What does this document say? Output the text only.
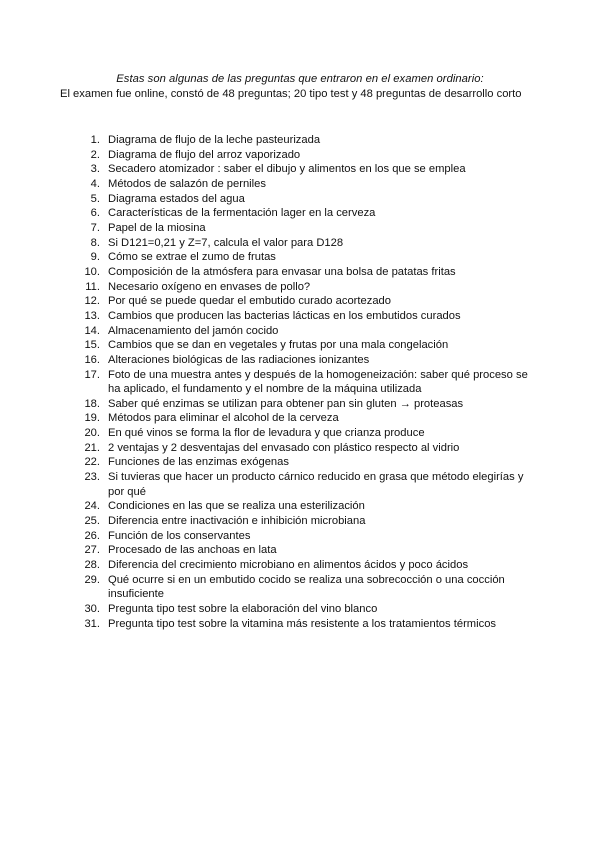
Estas son algunas de las preguntas que entraron en el examen ordinario:
El examen fue online, constó de 48 preguntas; 20 tipo test y 48 preguntas de desarrollo corto
1. Diagrama de flujo de la leche pasteurizada
2. Diagrama de flujo del arroz vaporizado
3. Secadero atomizador : saber el dibujo y alimentos en los que se emplea
4. Métodos de salazón de perniles
5. Diagrama estados del agua
6. Características de la fermentación lager en la cerveza
7. Papel de la miosina
8. Si D121=0,21 y Z=7, calcula el valor para D128
9. Cómo se extrae el zumo de frutas
10. Composición de la atmósfera para envasar una bolsa de patatas fritas
11. Necesario oxígeno en envases de pollo?
12. Por qué se puede quedar el embutido curado acortezado
13. Cambios que producen las bacterias lácticas en los embutidos curados
14. Almacenamiento del jamón cocido
15. Cambios que se dan en vegetales y frutas por una mala congelación
16. Alteraciones biológicas de las radiaciones ionizantes
17. Foto de una muestra antes y después de la homogeneización: saber qué proceso se ha aplicado, el fundamento y el nombre de la máquina utilizada
18. Saber qué enzimas se utilizan para obtener pan sin gluten → proteasas
19. Métodos para eliminar el alcohol de la cerveza
20. En qué vinos se forma la flor de levadura y que crianza produce
21. 2 ventajas y 2 desventajas del envasado con plástico respecto al vidrio
22. Funciones de las enzimas exógenas
23. Si tuvieras que hacer un producto cárnico reducido en grasa que método elegirías y por qué
24. Condiciones en las que se realiza una esterilización
25. Diferencia entre inactivación e inhibición microbiana
26. Función de los conservantes
27. Procesado de las anchoas en lata
28. Diferencia del crecimiento microbiano en alimentos ácidos y poco ácidos
29. Qué ocurre si en un embutido cocido se realiza una sobrecocción o una cocción insuficiente
30. Pregunta tipo test sobre la elaboración del vino blanco
31. Pregunta tipo test sobre la vitamina más resistente a los tratamientos térmicos
